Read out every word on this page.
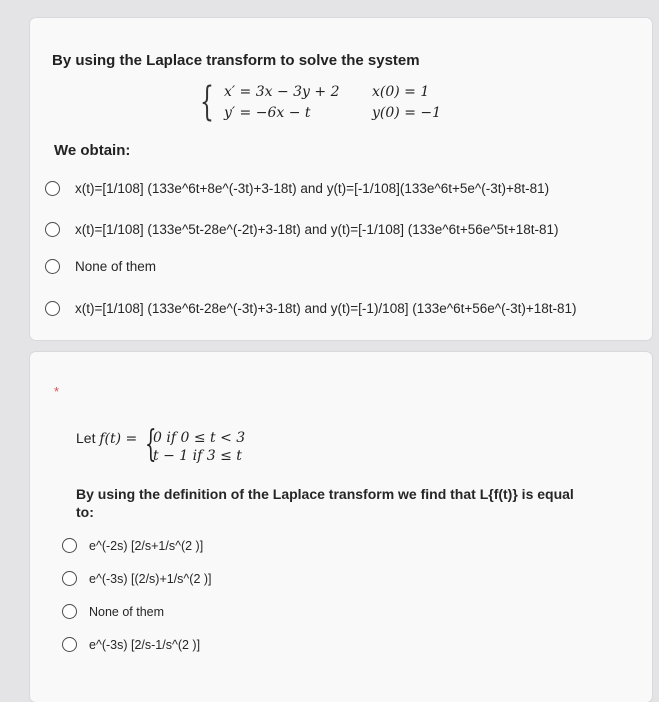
By using the Laplace transform to solve the system
{ x′ = 3x − 3y + 2
y′ = −6x − t
x(0) = 1
y(0) = −1
We obtain:
x(t)=[1/108] (133e^6t+8e^(-3t)+3-18t) and y(t)=[-1/108](133e^6t+5e^(-3t)+8t-81)
x(t)=[1/108] (133e^5t-28e^(-2t)+3-18t) and y(t)=[-1/108] (133e^6t+56e^5t+18t-81)
None of them
x(t)=[1/108] (133e^6t-28e^(-3t)+3-18t) and y(t)=[-1)/108] (133e^6t+56e^(-3t)+18t-81)
*
Let f(t) = {
0 if 0 ≤ t < 3
t − 1 if 3 ≤ t
By using the definition of the Laplace transform we find that L{f(t)} is equal to:
e^(-2s) [2/s+1/s^(2 )]
e^(-3s) [(2/s)+1/s^(2 )]
None of them
e^(-3s) [2/s-1/s^(2 )]
